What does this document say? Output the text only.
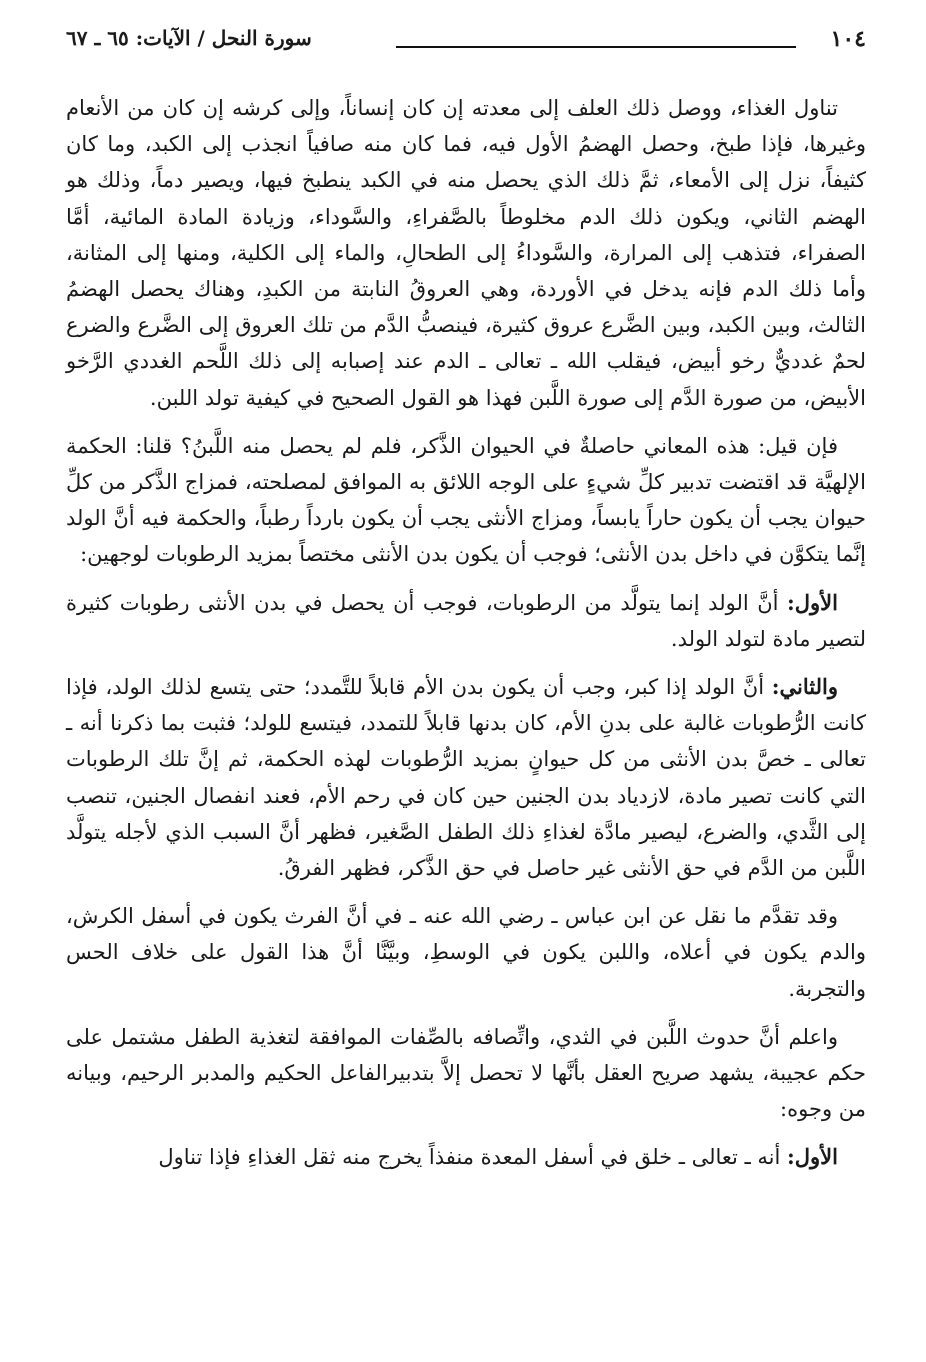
١٠٤
سورة النحل / الآيات: ٦٥ ـ ٦٧

تناول الغذاء، ووصل ذلك العلف إلى معدته إن كان إنساناً، وإلى كرشه إن كان من الأنعام وغيرها، فإذا طبخ، وحصل الهضمُ الأول فيه، فما كان منه صافياً انجذب إلى الكبد، وما كان كثيفاً، نزل إلى الأمعاء، ثمَّ ذلك الذي يحصل منه في الكبد ينطبخ فيها، ويصير دماً، وذلك هو الهضم الثاني، ويكون ذلك الدم مخلوطاً بالصَّفراءِ، والسَّوداء، وزيادة المادة المائية، أمَّا الصفراء، فتذهب إلى المرارة، والسَّوداءُ إلى الطحالِ، والماء إلى الكلية، ومنها إلى المثانة، وأما ذلك الدم فإنه يدخل في الأوردة، وهي العروقُ النابتة من الكبدِ، وهناك يحصل الهضمُ الثالث، وبين الكبد، وبين الضَّرع عروق كثيرة، فينصبُّ الدَّم من تلك العروق إلى الضَّرع والضرع لحمٌ غدديٌّ رخو أبيض، فيقلب الله ـ تعالى ـ الدم عند إصبابه إلى ذلك اللَّحم الغددي الرَّخو الأبيض، من صورة الدَّم إلى صورة اللَّبن فهذا هو القول الصحيح في كيفية تولد اللبن.

فإن قيل: هذه المعاني حاصلةٌ في الحيوان الذَّكر، فلم لم يحصل منه اللَّبنُ؟ قلنا: الحكمة الإلهيَّة قد اقتضت تدبير كلِّ شيءٍ على الوجه اللائق به الموافق لمصلحته، فمزاج الذَّكر من كلِّ حيوان يجب أن يكون حاراً يابساً، ومزاج الأنثى يجب أن يكون بارداً رطباً، والحكمة فيه أنَّ الولد إنَّما يتكوَّن في داخل بدن الأنثى؛ فوجب أن يكون بدن الأنثى مختصاً بمزيد الرطوبات لوجهين:

الأول: أنَّ الولد إنما يتولَّد من الرطوبات، فوجب أن يحصل في بدن الأنثى رطوبات كثيرة لتصير مادة لتولد الولد.

والثاني: أنَّ الولد إذا كبر، وجب أن يكون بدن الأم قابلاً للتَّمدد؛ حتى يتسع لذلك الولد، فإذا كانت الرُّطوبات غالبة على بدنِ الأم، كان بدنها قابلاً للتمدد، فيتسع للولد؛ فثبت بما ذكرنا أنه ـ تعالى ـ خصَّ بدن الأنثى من كل حيوانٍ بمزيد الرُّطوبات لهذه الحكمة، ثم إنَّ تلك الرطوبات التي كانت تصير مادة، لازدياد بدن الجنين حين كان في رحم الأم، فعند انفصال الجنين، تنصب إلى الثَّدي، والضرع، ليصير مادَّة لغذاءِ ذلك الطفل الصَّغير، فظهر أنَّ السبب الذي لأجله يتولَّد اللَّبن من الدَّم في حق الأنثى غير حاصل في حق الذَّكر، فظهر الفرقُ.

وقد تقدَّم ما نقل عن ابن عباس ـ رضي الله عنه ـ في أنَّ الفرث يكون في أسفل الكرش، والدم يكون في أعلاه، واللبن يكون في الوسطِ، وبيَّنَّا أنَّ هذا القول على خلاف الحس والتجربة.

واعلم أنَّ حدوث اللَّبن في الثدي، واتِّصافه بالصِّفات الموافقة لتغذية الطفل مشتمل على حكم عجيبة، يشهد صريح العقل بأنَّها لا تحصل إلاَّ بتدبيرالفاعل الحكيم والمدبر الرحيم، وبيانه من وجوه:

الأول: أنه ـ تعالى ـ خلق في أسفل المعدة منفذاً يخرج منه ثقل الغذاءِ فإذا تناول
